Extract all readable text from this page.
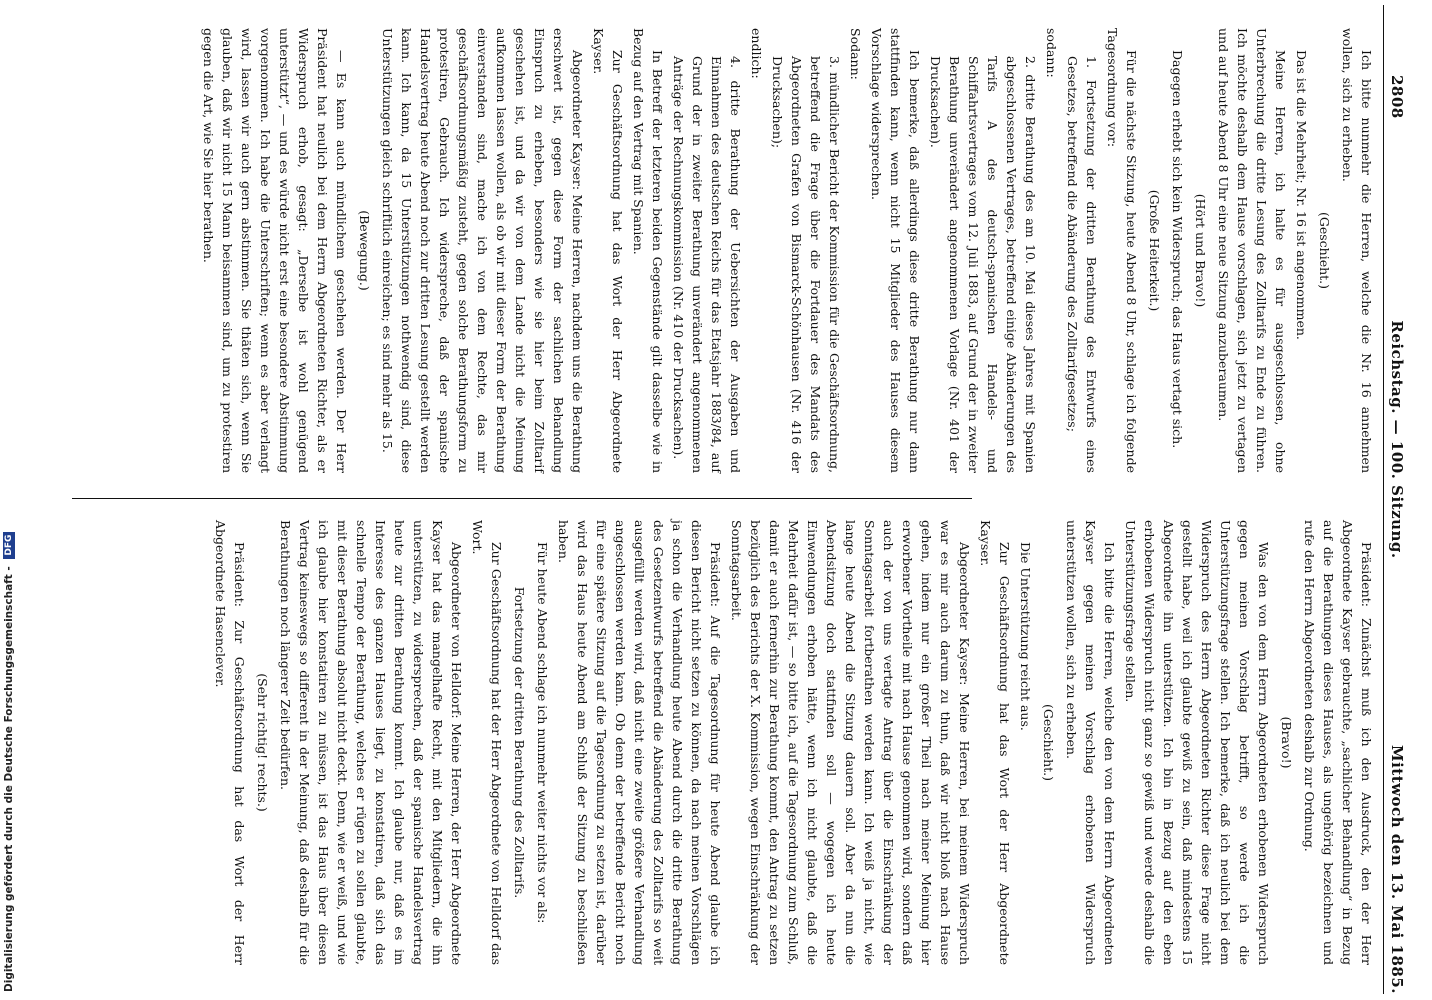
2808
Reichstag. — 100. Sitzung.
Mittwoch den 13. Mai 1885.

Ich bitte nunmehr die Herren, welche die Nr. 16 annehmen wollen, sich zu erheben.

(Geschieht.)

Das ist die Mehrheit; Nr. 16 ist angenommen.

Meine Herren, ich halte es für ausgeschlossen, ohne Unterbrechung die dritte Lesung des Zolltarifs zu Ende zu führen. Ich möchte deshalb dem Hause vorschlagen, sich jetzt zu vertagen und auf heute Abend 8 Uhr eine neue Sitzung anzuberaumen.

(Hört und Bravo!)

Dagegen erhebt sich kein Widerspruch; das Haus vertagt sich.

(Große Heiterkeit.)

Für die nächste Sitzung, heute Abend 8 Uhr, schlage ich folgende Tagesordnung vor:

1. Fortsetzung der dritten Berathung des Entwurfs eines Gesetzes, betreffend die Abänderung des Zolltarifgesetzes;

sodann:

2. dritte Berathung des am 10. Mai dieses Jahres mit Spanien abgeschlossenen Vertrages, betreffend einige Abänderungen des Tarifs A des deutsch-spanischen Handels- und Schiffahrtsvertrages vom 12. Juli 1883, auf Grund der in zweiter Berathung unverändert angenommenen Vorlage (Nr. 401 der Drucksachen).

Ich bemerke, daß allerdings diese dritte Berathung nur dann stattfinden kann, wenn nicht 15 Mitglieder des Hauses diesem Vorschlage widersprechen.

Sodann:

3. mündlicher Bericht der Kommission für die Geschäftsordnung, betreffend die Frage über die Fortdauer des Mandats des Abgeordneten Grafen von Bismarck-Schönhausen (Nr. 416 der Drucksachen);

endlich:

4. dritte Berathung der Uebersichten der Ausgaben und Einnahmen des deutschen Reichs für das Etatsjahr 1883/84, auf Grund der in zweiter Berathung unverändert angenommenen Anträge der Rechnungskommission (Nr. 410 der Drucksachen).

In Betreff der letzteren beiden Gegenstände gilt dasselbe wie in Bezug auf den Vertrag mit Spanien.

Zur Geschäftsordnung hat das Wort der Herr Abgeordnete Kayser.

Abgeordneter Kayser: Meine Herren, nachdem uns die Berathung erschwert ist, gegen diese Form der sachlichen Behandlung Einspruch zu erheben, besonders wie sie hier beim Zolltarif geschehen ist, und da wir von dem Lande nicht die Meinung aufkommen lassen wollen, als ob wir mit dieser Form der Berathung einverstanden sind, mache ich von dem Rechte, das mir geschäftsordnungsmäßig zusteht, gegen solche Berathungsform zu protestiren, Gebrauch. Ich widerspreche, daß der spanische Handelsvertrag heute Abend noch zur dritten Lesung gestellt werden kann. Ich kann, da 15 Unterstützungen nothwendig sind, diese Unterstützungen gleich schriftlich einreichen; es sind mehr als 15.

(Bewegung.)

— Es kann auch mündlichem geschehen werden. Der Herr Präsident hat neulich bei dem Herrn Abgeordneten Richter, als er Widerspruch erhob, gesagt: „Derselbe ist wohl genügend unterstützt“, — und es würde nicht erst eine besondere Abstimmung vorgenommen. Ich habe die Unterschriften; wenn es aber verlangt wird, lassen wir auch gern abstimmen. Sie thäten sich, wenn Sie glauben, daß wir nicht 15 Mann beisammen sind, um zu protestiren gegen die Art, wie Sie hier berathen.

Präsident: Zunächst muß ich den Ausdruck, den der Herr Abgeordnete Kayser gebrauchte, „sachlicher Behandlung“ in Bezug auf die Berathungen dieses Hauses, als ungehörig bezeichnen und rufe den Herrn Abgeordneten deshalb zur Ordnung.

(Bravo!)

Was den von dem Herrn Abgeordneten erhobenen Widerspruch gegen meinen Vorschlag betrifft, so werde ich die Unterstützungsfrage stellen. Ich bemerke, daß ich neulich bei dem Widerspruch des Herrn Abgeordneten Richter diese Frage nicht gestellt habe, weil ich glaubte gewiß zu sein, daß mindestens 15 Abgeordnete ihn unterstützen. Ich bin in Bezug auf den eben erhobenen Widerspruch nicht ganz so gewiß und werde deshalb die Unterstützungsfrage stellen.

Ich bitte die Herren, welche den von dem Herrn Abgeordneten Kayser gegen meinen Vorschlag erhobenen Widerspruch unterstützen wollen, sich zu erheben.

(Geschieht.)

Die Unterstützung reicht aus.

Zur Geschäftsordnung hat das Wort der Herr Abgeordnete Kayser.

Abgeordneter Kayser: Meine Herren, bei meinem Widerspruch war es mir auch darum zu thun, daß wir nicht bloß nach Hause gehen, indem nur ein großer Theil nach meiner Meinung hier erworbener Vortheile mit nach Hause genommen wird, sondern daß auch der von uns vertagte Antrag über die Einschränkung der Sonntagsarbeit fortberathen werden kann. Ich weiß ja nicht, wie lange heute Abend die Sitzung dauern soll. Aber da nun die Abendsitzung doch stattfinden soll — wogegen ich heute Einwendungen erhoben hätte, wenn ich nicht glaubte, daß die Mehrheit dafür ist, — so bitte ich, auf die Tagesordnung zum Schluß, damit er auch fernerhin zur Berathung kommt, den Antrag zu setzen bezüglich des Berichts der X. Kommission, wegen Einschränkung der Sonntagsarbeit.

Präsident: Auf die Tagesordnung für heute Abend glaube ich diesen Bericht nicht setzen zu können, da nach meinen Vorschlägen ja schon die Verhandlung heute Abend durch die dritte Berathung des Gesetzentwurfs betreffend die Abänderung des Zolltarifs so weit ausgefüllt werden wird, daß nicht eine zweite größere Verhandlung angeschlossen werden kann. Ob denn der betreffende Bericht noch für eine spätere Sitzung auf die Tagesordnung zu setzen ist, darüber wird das Haus heute Abend am Schluß der Sitzung zu beschließen haben.

Für heute Abend schlage ich nunmehr weiter nichts vor als:

Fortsetzung der dritten Berathung des Zolltarifs.

Zur Geschäftsordnung hat der Herr Abgeordnete von Helldorf das Wort.

Abgeordneter von Helldorf: Meine Herren, der Herr Abgeordnete Kayser hat das mangelhafte Recht, mit den Mitgliedern, die ihn unterstützen, zu widersprechen, daß der spanische Handelsvertrag heute zur dritten Berathung kommt. Ich glaube nur, daß es im Interesse des ganzen Hauses liegt, zu konstatiren, daß sich das schnelle Tempo der Berathung, welches er rügen zu sollen glaubte, mit dieser Berathung absolut nicht deckt. Denn, wie er weiß, und wie ich glaube hier konstatiren zu müssen, ist das Haus über diesen Vertrag keineswegs so different in der Meinung, daß deshalb für die Berathungen noch längerer Zeit bedürfen.

(Sehr richtig! rechts.)

Präsident: Zur Geschäftsordnung hat das Wort der Herr Abgeordnete Hasenclever.

Digitalisierung gefördert durch die Deutsche Forschungsgemeinschaft - DFG
